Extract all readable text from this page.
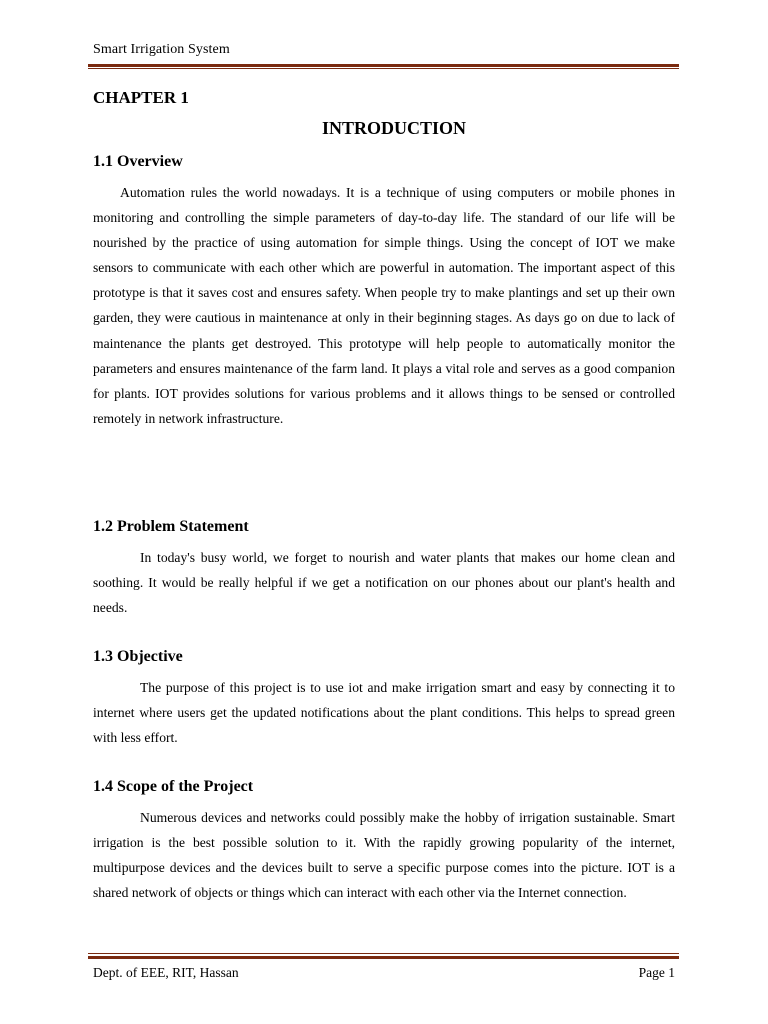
Smart Irrigation System
CHAPTER 1
INTRODUCTION
1.1 Overview

Automation rules the world nowadays. It is a technique of using computers or mobile phones in monitoring and controlling the simple parameters of day-to-day life. The standard of our life will be nourished by the practice of using automation for simple things. Using the concept of IOT we make sensors to communicate with each other which are powerful in automation. The important aspect of this prototype is that it saves cost and ensures safety. When people try to make plantings and set up their own garden, they were cautious in maintenance at only in their beginning stages. As days go on due to lack of maintenance the plants get destroyed. This prototype will help people to automatically monitor the parameters and ensures maintenance of the farm land. It plays a vital role and serves as a good companion for plants. IOT provides solutions for various problems and it allows things to be sensed or controlled remotely in network infrastructure.

1.2 Problem Statement

In today's busy world, we forget to nourish and water plants that makes our home clean and soothing. It would be really helpful if we get a notification on our phones about our plant's health and needs.

1.3 Objective

The purpose of this project is to use iot and make irrigation smart and easy by connecting it to internet where users get the updated notifications about the plant conditions. This helps to spread green with less effort.

1.4 Scope of the Project

Numerous devices and networks could possibly make the hobby of irrigation sustainable. Smart irrigation is the best possible solution to it. With the rapidly growing popularity of the internet, multipurpose devices and the devices built to serve a specific purpose comes into the picture. IOT is a shared network of objects or things which can interact with each other via the Internet connection.

Dept. of EEE, RIT, Hassan	Page 1
